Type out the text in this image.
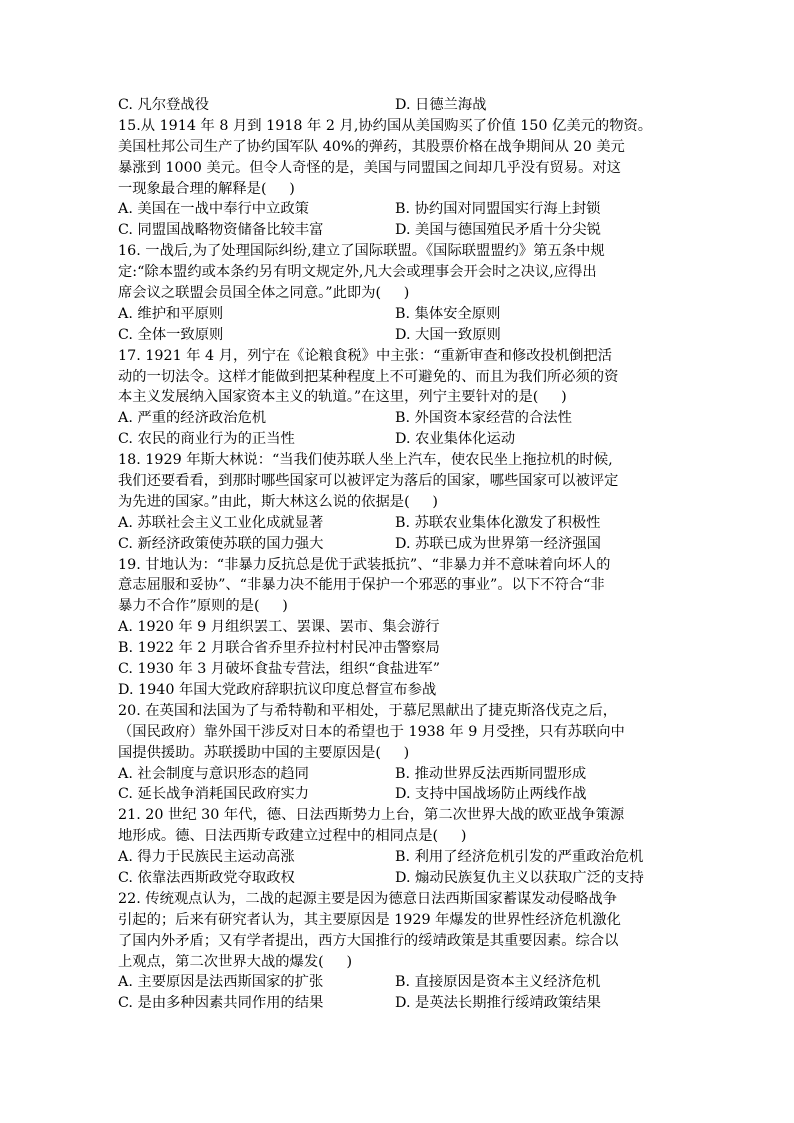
C. 凡尔登战役	D. 日德兰海战
15.从 1914 年 8 月到 1918 年 2 月,协约国从美国购买了价值 150 亿美元的物资。
美国杜邦公司生产了协约国军队 40%的弹药，其股票价格在战争期间从 20 美元
暴涨到 1000 美元。但令人奇怪的是，美国与同盟国之间却几乎没有贸易。对这
一现象最合理的解释是(     )
A. 美国在一战中奉行中立政策	B. 协约国对同盟国实行海上封锁
C. 同盟国战略物资储备比较丰富	D. 美国与德国殖民矛盾十分尖锐
16. 一战后,为了处理国际纠纷,建立了国际联盟。《国际联盟盟约》第五条中规
定:“除本盟约或本条约另有明文规定外,凡大会或理事会开会时之决议,应得出
席会议之联盟会员国全体之同意。”此即为(     )
A. 维护和平原则	B. 集体安全原则
C. 全体一致原则	D. 大国一致原则
17. 1921 年 4 月，列宁在《论粮食税》中主张：“重新审查和修改投机倒把活
动的一切法令。这样才能做到把某种程度上不可避免的、而且为我们所必须的资
本主义发展纳入国家资本主义的轨道。”在这里，列宁主要针对的是(     )
A. 严重的经济政治危机	B. 外国资本家经营的合法性
C. 农民的商业行为的正当性	D. 农业集体化运动
18. 1929 年斯大林说：“当我们使苏联人坐上汽车，使农民坐上拖拉机的时候,
我们还要看看，到那时哪些国家可以被评定为落后的国家，哪些国家可以被评定
为先进的国家。”由此，斯大林这么说的依据是(     )
A. 苏联社会主义工业化成就显著	B. 苏联农业集体化激发了积极性
C. 新经济政策使苏联的国力强大	D. 苏联已成为世界第一经济强国
19. 甘地认为：“非暴力反抗总是优于武装抵抗”、“非暴力并不意味着向坏人的
意志屈服和妥协”、“非暴力决不能用于保护一个邪恶的事业”。以下不符合“非
暴力不合作”原则的是(     )
A. 1920 年 9 月组织罢工、罢课、罢市、集会游行
B. 1922 年 2 月联合省乔里乔拉村村民冲击警察局
C. 1930 年 3 月破坏食盐专营法，组织“食盐进军”
D. 1940 年国大党政府辞职抗议印度总督宣布参战
20. 在英国和法国为了与希特勒和平相处，于慕尼黑献出了捷克斯洛伐克之后，
（国民政府）靠外国干涉反对日本的希望也于 1938 年 9 月受挫，只有苏联向中
国提供援助。苏联援助中国的主要原因是(     )
A. 社会制度与意识形态的趋同	B. 推动世界反法西斯同盟形成
C. 延长战争消耗国民政府实力	D. 支持中国战场防止两线作战
21. 20 世纪 30 年代，德、日法西斯势力上台，第二次世界大战的欧亚战争策源
地形成。德、日法西斯专政建立过程中的相同点是(     )
A. 得力于民族民主运动高涨	B. 利用了经济危机引发的严重政治危机
C. 依靠法西斯政党夺取政权	D. 煽动民族复仇主义以获取广泛的支持
22. 传统观点认为，二战的起源主要是因为德意日法西斯国家蓄谋发动侵略战争
引起的；后来有研究者认为，其主要原因是 1929 年爆发的世界性经济危机激化
了国内外矛盾；又有学者提出，西方大国推行的绥靖政策是其重要因素。综合以
上观点，第二次世界大战的爆发(     )
A. 主要原因是法西斯国家的扩张	B. 直接原因是资本主义经济危机
C. 是由多种因素共同作用的结果	D. 是英法长期推行绥靖政策结果
